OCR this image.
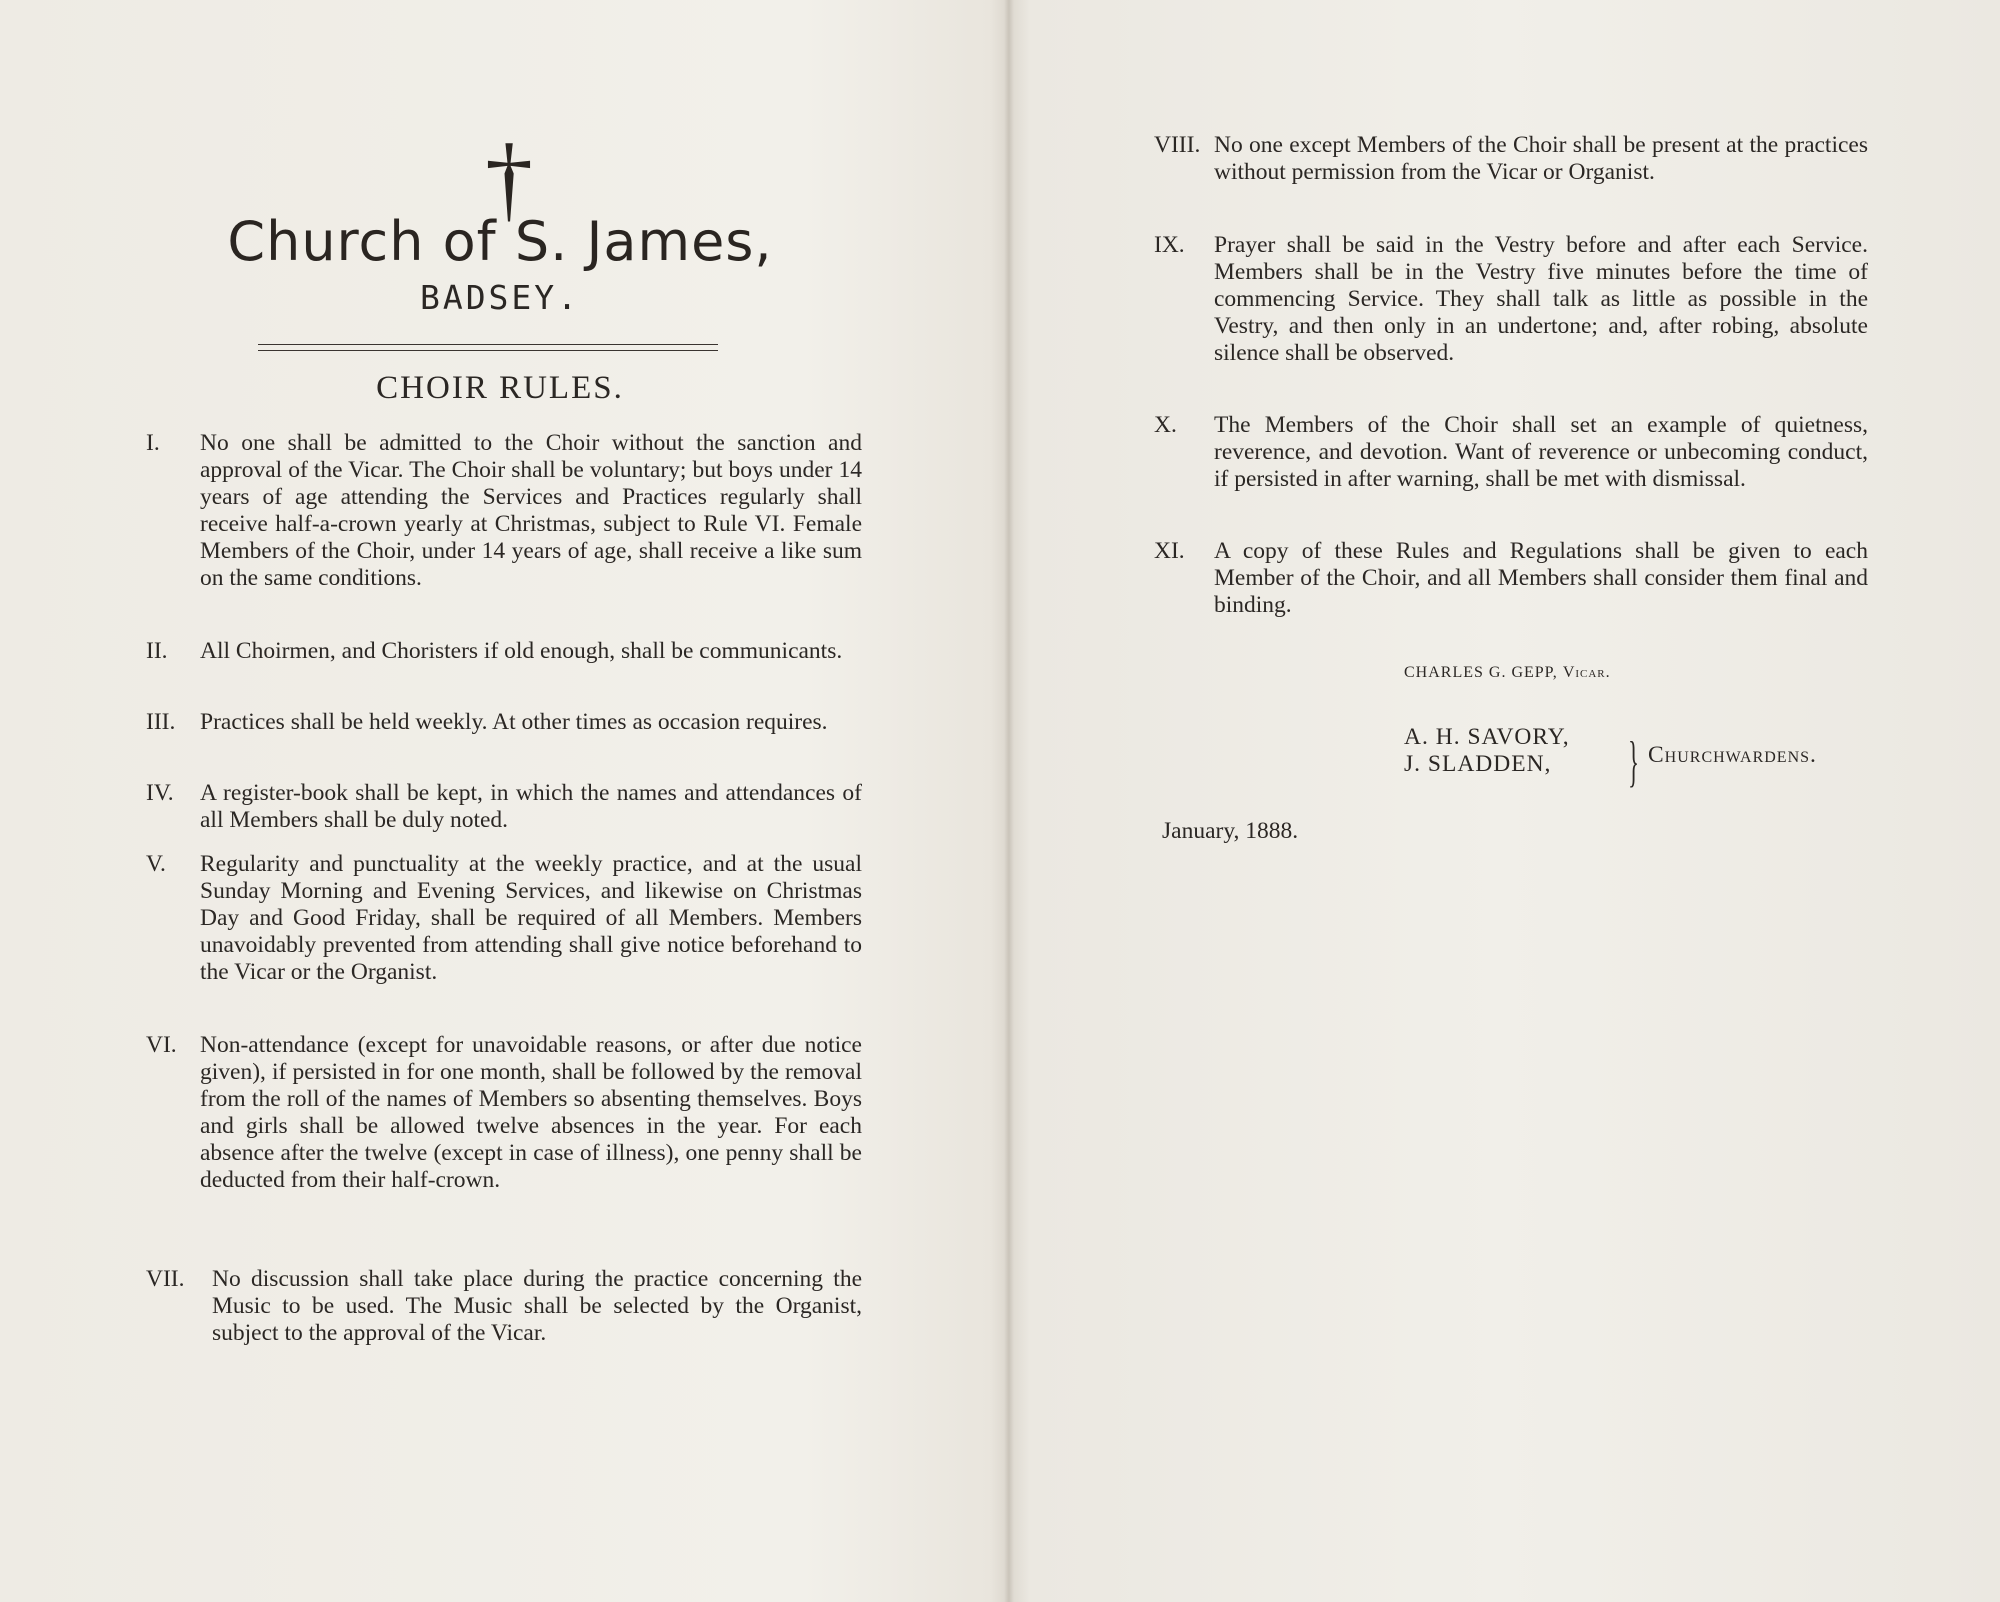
†
Church of S. James,
BADSEY.
CHOIR RULES.
I.	No one shall be admitted to the Choir without the sanction and approval of the Vicar. The Choir shall be voluntary; but boys under 14 years of age attending the Services and Practices regularly shall receive half-a-crown yearly at Christmas, subject to Rule VI. Female Members of the Choir, under 14 years of age, shall receive a like sum on the same conditions.
II.	All Choirmen, and Choristers if old enough, shall be communicants.
III.	Practices shall be held weekly. At other times as occasion requires.
IV.	A register-book shall be kept, in which the names and attendances of all Members shall be duly noted.
V.	Regularity and punctuality at the weekly practice, and at the usual Sunday Morning and Evening Services, and likewise on Christmas Day and Good Friday, shall be required of all Members. Members unavoidably prevented from attending shall give notice beforehand to the Vicar or the Organist.
VI. Non-attendance (except for unavoidable reasons, or after due notice given), if persisted in for one month, shall be followed by the removal from the roll of the names of Members so absenting themselves. Boys and girls shall be allowed twelve absences in the year. For each absence after the twelve (except in case of illness), one penny shall be deducted from their half-crown.
VII.	No discussion shall take place during the practice concerning the Music to be used. The Music shall be selected by the Organist, subject to the approval of the Vicar.
VIII. No one except Members of the Choir shall be present at the practices without permission from the Vicar or Organist.
IX.	Prayer shall be said in the Vestry before and after each Service. Members shall be in the Vestry five minutes before the time of commencing Service. They shall talk as little as possible in the Vestry, and then only in an undertone; and, after robing, absolute silence shall be observed.
X.	The Members of the Choir shall set an example of quietness, reverence, and devotion. Want of reverence or unbecoming conduct, if persisted in after warning, shall be met with dismissal.
XI.	A copy of these Rules and Regulations shall be given to each Member of the Choir, and all Members shall consider them final and binding.
CHARLES G. GEPP, Vicar.
A. H. SAVORY,
J. SLADDEN,	} Churchwardens.
January, 1888.
